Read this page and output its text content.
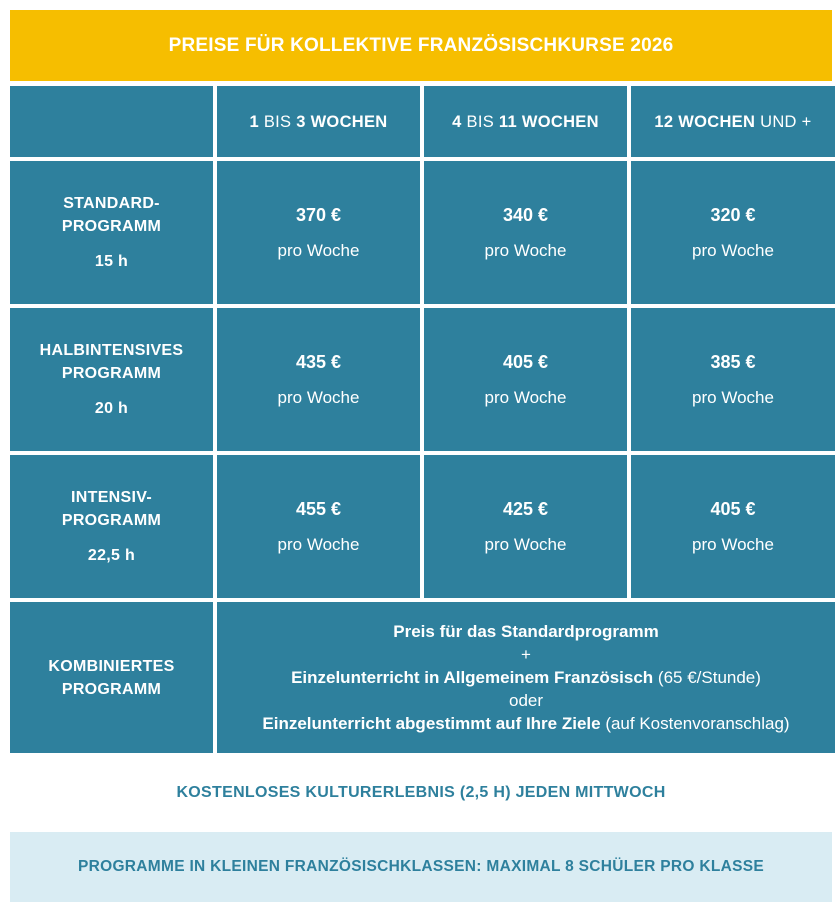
PREISE FÜR KOLLEKTIVE FRANZÖSISCHKURSE 2026
1 BIS 3 WOCHEN	4 BIS 11 WOCHEN	12 WOCHEN UND +
STANDARD-
PROGRAMM
15 h
370 €
pro Woche
340 €
pro Woche
320 €
pro Woche
HALBINTENSIVES
PROGRAMM
20 h
435 €
pro Woche
405 €
pro Woche
385 €
pro Woche
INTENSIV-
PROGRAMM
22,5 h
455 €
pro Woche
425 €
pro Woche
405 €
pro Woche
KOMBINIERTES
PROGRAMM
Preis für das Standardprogramm
+
Einzelunterricht in Allgemeinem Französisch (65 €/Stunde)
oder
Einzelunterricht abgestimmt auf Ihre Ziele (auf Kostenvoranschlag)
KOSTENLOSES KULTURERLEBNIS (2,5 H) JEDEN MITTWOCH
PROGRAMME IN KLEINEN FRANZÖSISCHKLASSEN: MAXIMAL 8 SCHÜLER PRO KLASSE
